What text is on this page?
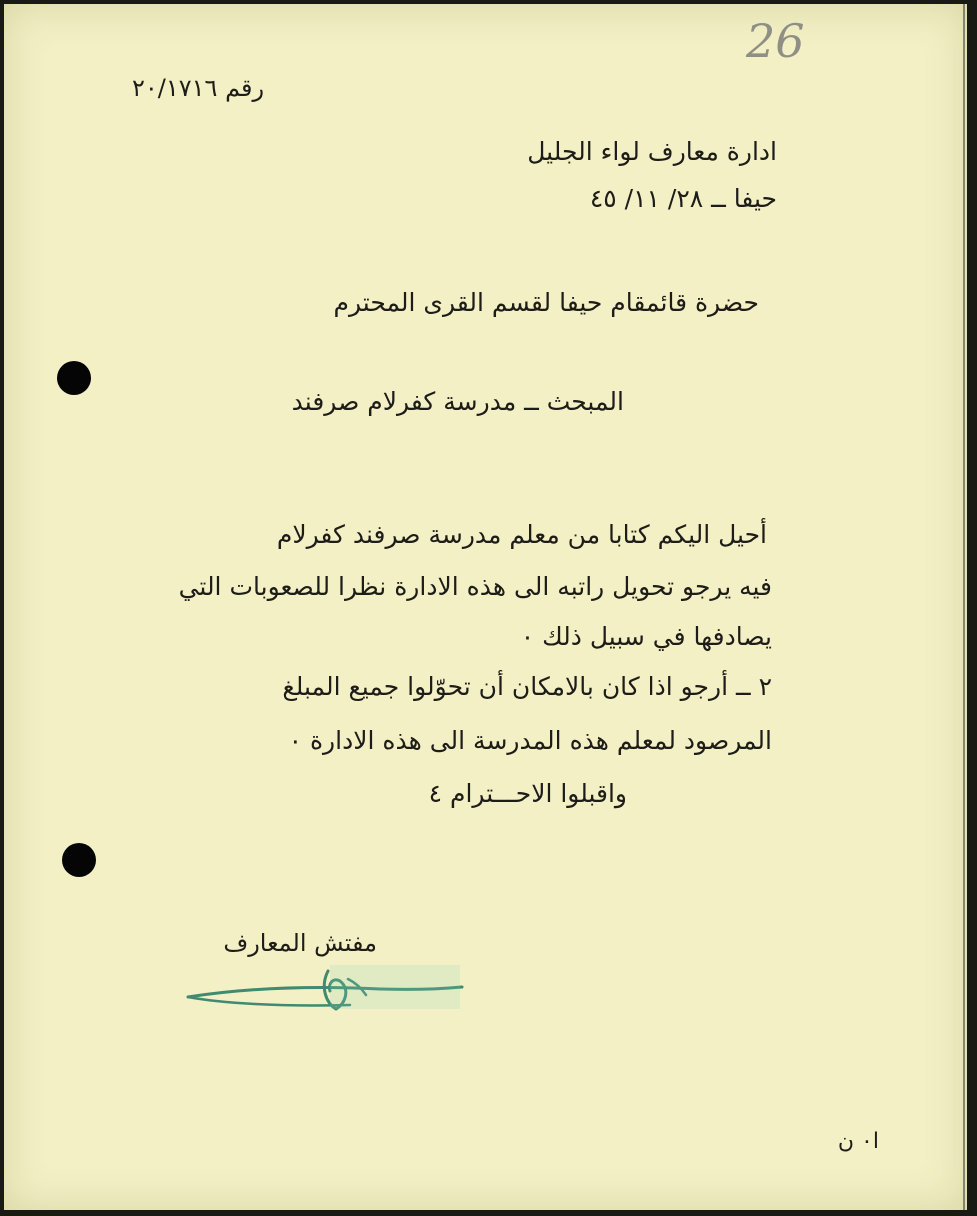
26
رقم ٢٠/١٧١٦
ادارة معارف لواء الجليل
حيفا ــ ٢٨/ ١١/ ٤٥
حضرة قائمقام حيفا لقسم القرى المحترم
المبحث ــ مدرسة كفرلام صرفند
أحيل اليكم كتابا من معلم مدرسة صرفند كفرلام
فيه يرجو تحويل راتبه الى هذه الادارة نظرا للصعوبات التي
يصادفها في سبيل ذلك ٠
٢ ــ أرجو اذا كان بالامكان أن تحوّلوا جميع المبلغ
المرصود لمعلم هذه المدرسة الى هذه الادارة ٠
واقبلوا الاحـــترام ٤
مفتش المعارف
ا٠ ن
